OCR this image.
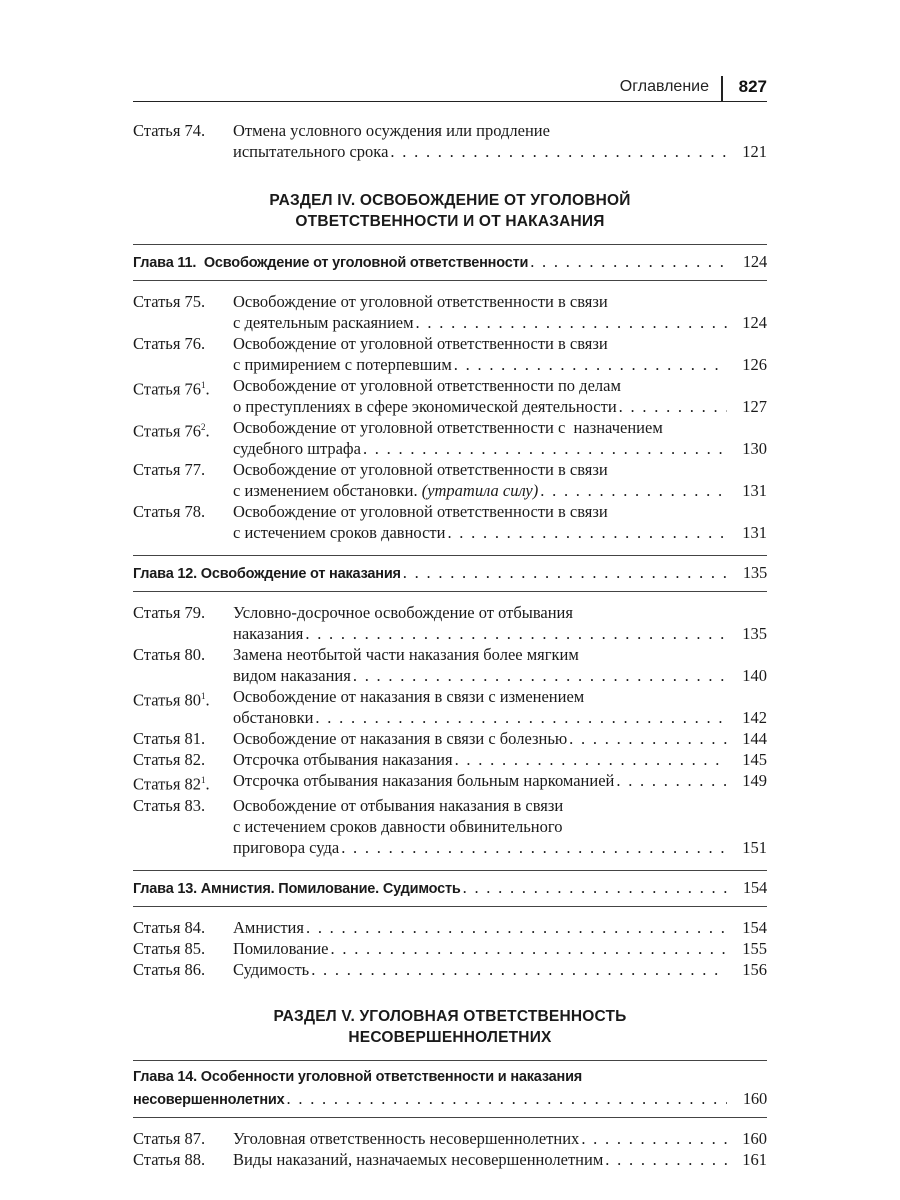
Оглавление 827
Статья 74.	Отмена условного осуждения или продление
испытательного срока . . .	121
РАЗДЕЛ IV. ОСВОБОЖДЕНИЕ ОТ УГОЛОВНОЙ
ОТВЕТСТВЕННОСТИ И ОТ НАКАЗАНИЯ
Глава 11. Освобождение от уголовной ответственности . . .	124
Статья 75.	Освобождение от уголовной ответственности в связи
с деятельным раскаянием . . .	124
Статья 76.	Освобождение от уголовной ответственности в связи
с примирением с потерпевшим . . .	126
Статья $76^1$.	Освобождение от уголовной ответственности по делам
о преступлениях в сфере экономической деятельности . . .	127
Статья $76^2$.	Освобождение от уголовной ответственности с  назначением
судебного штрафа . . .	130
Статья 77.	Освобождение от уголовной ответственности в связи
с изменением обстановки. (утратила силу) . . .	131
Статья 78.	Освобождение от уголовной ответственности в связи
с истечением сроков давности . . .	131
Глава 12. Освобождение от наказания . . .	135
Статья 79.	Условно-досрочное освобождение от отбывания
наказания . . .	135
Статья 80.	Замена неотбытой части наказания более мягким
видом наказания . . .	140
Статья $80^1$.	Освобождение от наказания в связи с изменением
обстановки . . .	142
Статья 81.	Освобождение от наказания в связи с болезнью . . .	144
Статья 82.	Отсрочка отбывания наказания . . .	145
Статья $82^1$.	Отсрочка отбывания наказания больным наркоманией . . .	149
Статья 83.	Освобождение от отбывания наказания в связи
с истечением сроков давности обвинительного
приговора суда . . .	151
Глава 13. Амнистия. Помилование. Судимость . . .	154
Статья 84.	Амнистия . . .	154
Статья 85.	Помилование . . .	155
Статья 86.	Судимость . . .	156
РАЗДЕЛ V. УГОЛОВНАЯ ОТВЕТСТВЕННОСТЬ
НЕСОВЕРШЕННОЛЕТНИХ
Глава 14. Особенности уголовной ответственности и наказания
несовершеннолетних . . .	160
Статья 87.	Уголовная ответственность несовершеннолетних . . .	160
Статья 88.	Виды наказаний, назначаемых несовершеннолетним . . .	161
